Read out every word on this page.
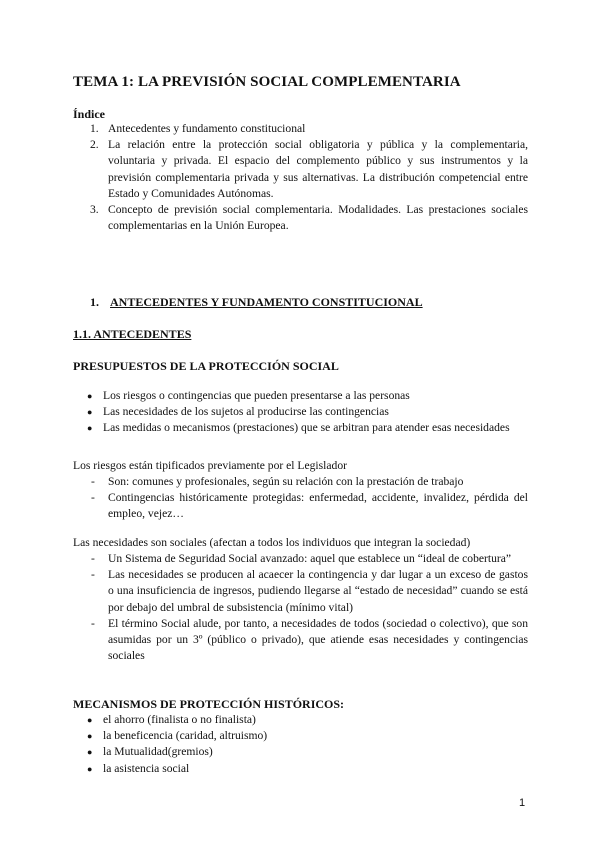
TEMA 1: LA PREVISIÓN SOCIAL COMPLEMENTARIA
Índice
1. Antecedentes y fundamento constitucional
2. La relación entre la protección social obligatoria y pública y la complementaria, voluntaria y privada. El espacio del complemento público y sus instrumentos y la previsión complementaria privada y sus alternativas. La distribución competencial entre Estado y Comunidades Autónomas.
3. Concepto de previsión social complementaria. Modalidades. Las prestaciones sociales complementarias en la Unión Europea.
1. ANTECEDENTES Y FUNDAMENTO CONSTITUCIONAL
1.1. ANTECEDENTES
PRESUPUESTOS DE LA PROTECCIÓN SOCIAL
● Los riesgos o contingencias que pueden presentarse a las personas
● Las necesidades de los sujetos al producirse las contingencias
● Las medidas o mecanismos (prestaciones) que se arbitran para atender esas necesidades
Los riesgos están tipificados previamente por el Legislador
-	Son: comunes y profesionales, según su relación con la prestación de trabajo
-	Contingencias históricamente protegidas: enfermedad, accidente, invalidez, pérdida del empleo, vejez…
Las necesidades son sociales (afectan a todos los individuos que integran la sociedad)
-	Un Sistema de Seguridad Social avanzado: aquel que establece un “ideal de cobertura”
-	Las necesidades se producen al acaecer la contingencia y dar lugar a un exceso de gastos o una insuficiencia de ingresos, pudiendo llegarse al “estado de necesidad” cuando se está por debajo del umbral de subsistencia (mínimo vital)
-	El término Social alude, por tanto, a necesidades de todos (sociedad o colectivo), que son asumidas por un 3º (público o privado), que atiende esas necesidades y contingencias sociales
MECANISMOS DE PROTECCIÓN HISTÓRICOS:
● el ahorro (finalista o no finalista)
● la beneficencia (caridad, altruismo)
● la Mutualidad(gremios)
● la asistencia social
1
